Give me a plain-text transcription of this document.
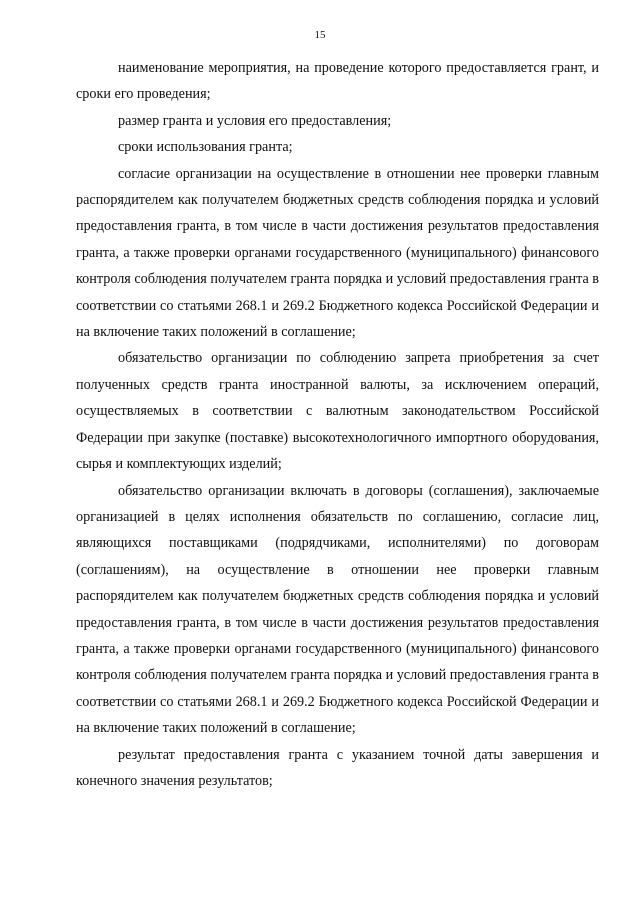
15

наименование мероприятия, на проведение которого предоставляется грант, и сроки его проведения;

размер гранта и условия его предоставления;

сроки использования гранта;

согласие организации на осуществление в отношении нее проверки главным распорядителем как получателем бюджетных средств соблюдения порядка и условий предоставления гранта, в том числе в части достижения результатов предоставления гранта, а также проверки органами государственного (муниципального) финансового контроля соблюдения получателем гранта порядка и условий предоставления гранта в соответствии со статьями 268.1 и 269.2 Бюджетного кодекса Российской Федерации и на включение таких положений в соглашение;

обязательство организации по соблюдению запрета приобретения за счет полученных средств гранта иностранной валюты, за исключением операций, осуществляемых в соответствии с валютным законодательством Российской Федерации при закупке (поставке) высокотехнологичного импортного оборудования, сырья и комплектующих изделий;

обязательство организации включать в договоры (соглашения), заключаемые организацией в целях исполнения обязательств по соглашению, согласие лиц, являющихся поставщиками (подрядчиками, исполнителями) по договорам (соглашениям), на осуществление в отношении нее проверки главным распорядителем как получателем бюджетных средств соблюдения порядка и условий предоставления гранта, в том числе в части достижения результатов предоставления гранта, а также проверки органами государственного (муниципального) финансового контроля соблюдения получателем гранта порядка и условий предоставления гранта в соответствии со статьями 268.1 и 269.2 Бюджетного кодекса Российской Федерации и на включение таких положений в соглашение;

результат предоставления гранта с указанием точной даты завершения и конечного значения результатов;
